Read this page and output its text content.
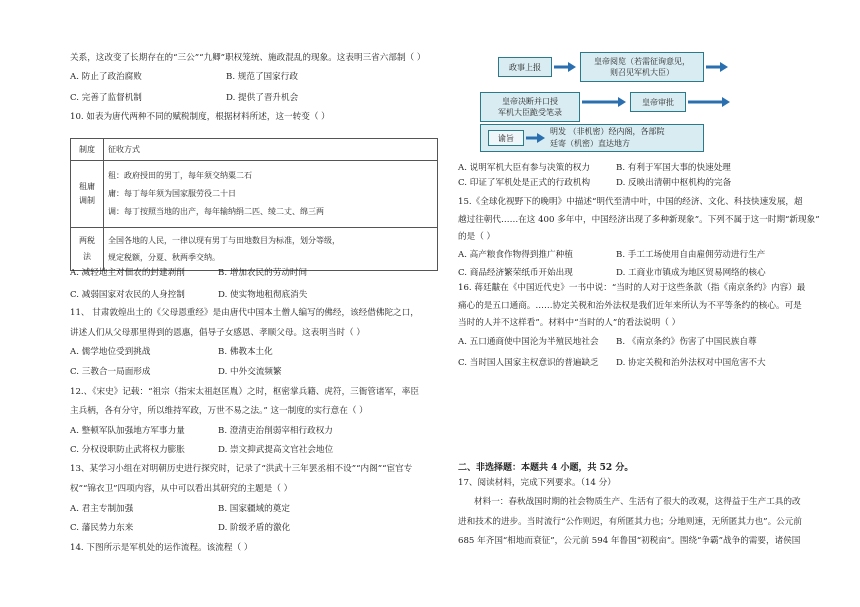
关系，这改变了长期存在的“三公”“九卿”职权笼统、施政混乱的现象。这表明三省六部制（ ）
A. 防止了政治腐败	B. 规范了国家行政
C. 完善了监督机制	D. 提供了晋升机会
10. 如表为唐代两种不同的赋税制度，根据材料所述，这一转变（ ）
制度	征收方式
租庸调制	租：政府授田的男丁，每年须交纳粟二石
庸：每丁每年须为国家服劳役二十日
调：每丁按照当地的出产，每年输纳绢二匹、绫二丈、绵三两

两税法	全国各地的人民，一律以现有男丁与田地数目为标准，划分等级，
规定税额，分夏、秋两季交纳。
A. 减轻地主对佃农的封建剥削	B. 增加农民的劳动时间
C. 减弱国家对农民的人身控制	D. 使实物地租彻底消失
11、 甘肃敦煌出土的《父母恩重经》是由唐代中国本土僧人编写的佛经，该经借佛陀之口，
讲述人们从父母那里得到的恩惠，倡导子女感恩、孝顺父母。这表明当时（ ）
A. 儒学地位受到挑战	B. 佛教本土化
C. 三教合一局面形成	D. 中外交流频繁
12.、《宋史》记载：“祖宗（指宋太祖赵匡胤）之时，枢密掌兵籍、虎符，三衙管诸军，率臣
主兵柄，各有分守，所以维持军政，万世不易之法。” 这一制度的实行意在（ ）
A. 整顿军队加强地方军事力量	B. 澄清吏治削弱宰相行政权力
C. 分权设职防止武将权力膨胀	D. 崇文抑武提高文官社会地位
13、某学习小组在对明朝历史进行探究时，记录了“洪武十三年罢丞相不设”“内阁”“宦官专
权”“锦衣卫”四项内容，从中可以看出其研究的主题是（ ）
A. 君主专制加强	B. 国家疆域的奠定
C. 藩民势力东来	D. 阶级矛盾的激化
14. 下图所示是军机处的运作流程。该流程（ ）
政事上报
皇帝阅览（若需征询意见，
则召见军机大臣）
皇帝决断并口授
军机大臣跪受笔录
皇帝审批
谕旨
明发 （非机密）经内阁，各部院
廷寄（机密）直达地方
A. 说明军机大臣有参与决策的权力	B. 有利于军国大事的快速处理
C. 印证了军机处是正式的行政机构	D. 反映出清朝中枢机构的完备
15.《全球化视野下的晚明》中描述“明代至清中叶，中国的经济、文化、科技快速发展，超
越过往朝代……在这 400 多年中，中国经济出现了多种新现象”。下列不属于这一时期“新现象”
的是（ ）
A. 高产粮食作物得到推广种植	B. 手工工场使用自由雇佣劳动进行生产
C. 商品经济繁荣纸币开始出现	D. 工商业市镇成为地区贸易网络的核心
16. 蒋廷黻在《中国近代史》一书中说：“当时的人对于这些条款（指《南京条约》内容）最
痛心的是五口通商。……协定关税和治外法权是我们近年来所认为不平等条约的核心。可是
当时的人并不这样看”。材料中“当时的人”的看法说明（ ）
A. 五口通商使中国沦为半殖民地社会 B. 《南京条约》伤害了中国民族自尊
C. 当时国人国家主权意识的普遍缺乏 D. 协定关税和治外法权对中国危害不大
二、非选择题：本题共 4 小题，共 52 分。
17、阅读材料，完成下列要求。（14 分）
材料一：春秋战国时期的社会物质生产、生活有了很大的改观，这得益于生产工具的改
进和技术的进步。当时流行“公作则迟，有所匿其力也；分地则速，无所匿其力也”。公元前
685 年齐国“相地而衰征”，公元前 594 年鲁国“初税亩”。围绕“争霸”战争的需要，诸侯国
